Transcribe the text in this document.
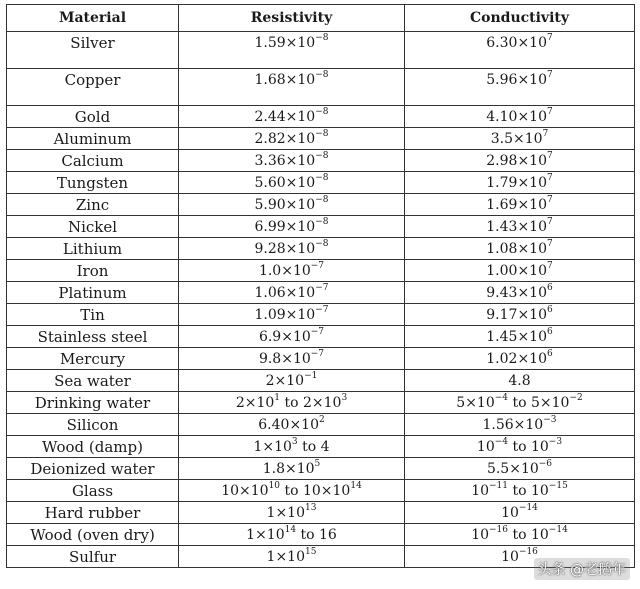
Material	Resistivity	Conductivity
Silver	$1.59\times 10^{-8}$	$6.30\times 10^7$
Copper	$1.68\times 10^{-8}$	$5.96\times 10^7$
Gold	$2.44\times 10^{-8}$	$4.10\times 10^7$
Aluminum	$2.82\times 10^{-8}$	$3.5\times 10^7$
Calcium	$3.36\times 10^{-8}$	$2.98\times 10^7$
Tungsten	$5.60\times 10^{-8}$	$1.79\times 10^7$
Zinc	$5.90\times 10^{-8}$	$1.69\times 10^7$
Nickel	$6.99\times 10^{-8}$	$1.43\times 10^7$
Lithium	$9.28\times 10^{-8}$	$1.08\times 10^7$
Iron	$1.0\times 10^{-7}$	$1.00\times 10^7$
Platinum	$1.06\times 10^{-7}$	$9.43\times 10^6$
Tin	$1.09\times 10^{-7}$	$9.17\times 10^6$
Stainless steel	$6.9\times 10^{-7}$	$1.45\times 10^6$
Mercury	$9.8\times 10^{-7}$	$1.02\times 10^6$
Sea water	$2\times 10^{-1}$	4.8
Drinking water	$2\times 10^1$ to $2\times 10^3$	$5\times 10^{-4}$ to $5\times 10^{-2}$
Silicon	$6.40\times 10^2$	$1.56\times 10^{-3}$
Wood (damp)	$1\times 10^3$ to 4	$10^{-4}$ to $10^{-3}$
Deionized water	$1.8\times 10^5$	$5.5\times 10^{-6}$
Glass	$10\times 10^{10}$ to $10\times 10^{14}$	$10^{-11}$ to $10^{-15}$
Hard rubber	$1\times 10^{13}$	$10^{-14}$
Wood (oven dry)	$1\times 10^{14}$ to 16	$10^{-16}$ to $10^{-14}$
Sulfur	$1\times 10^{15}$	$10^{-16}$
头条 @老鹅年
